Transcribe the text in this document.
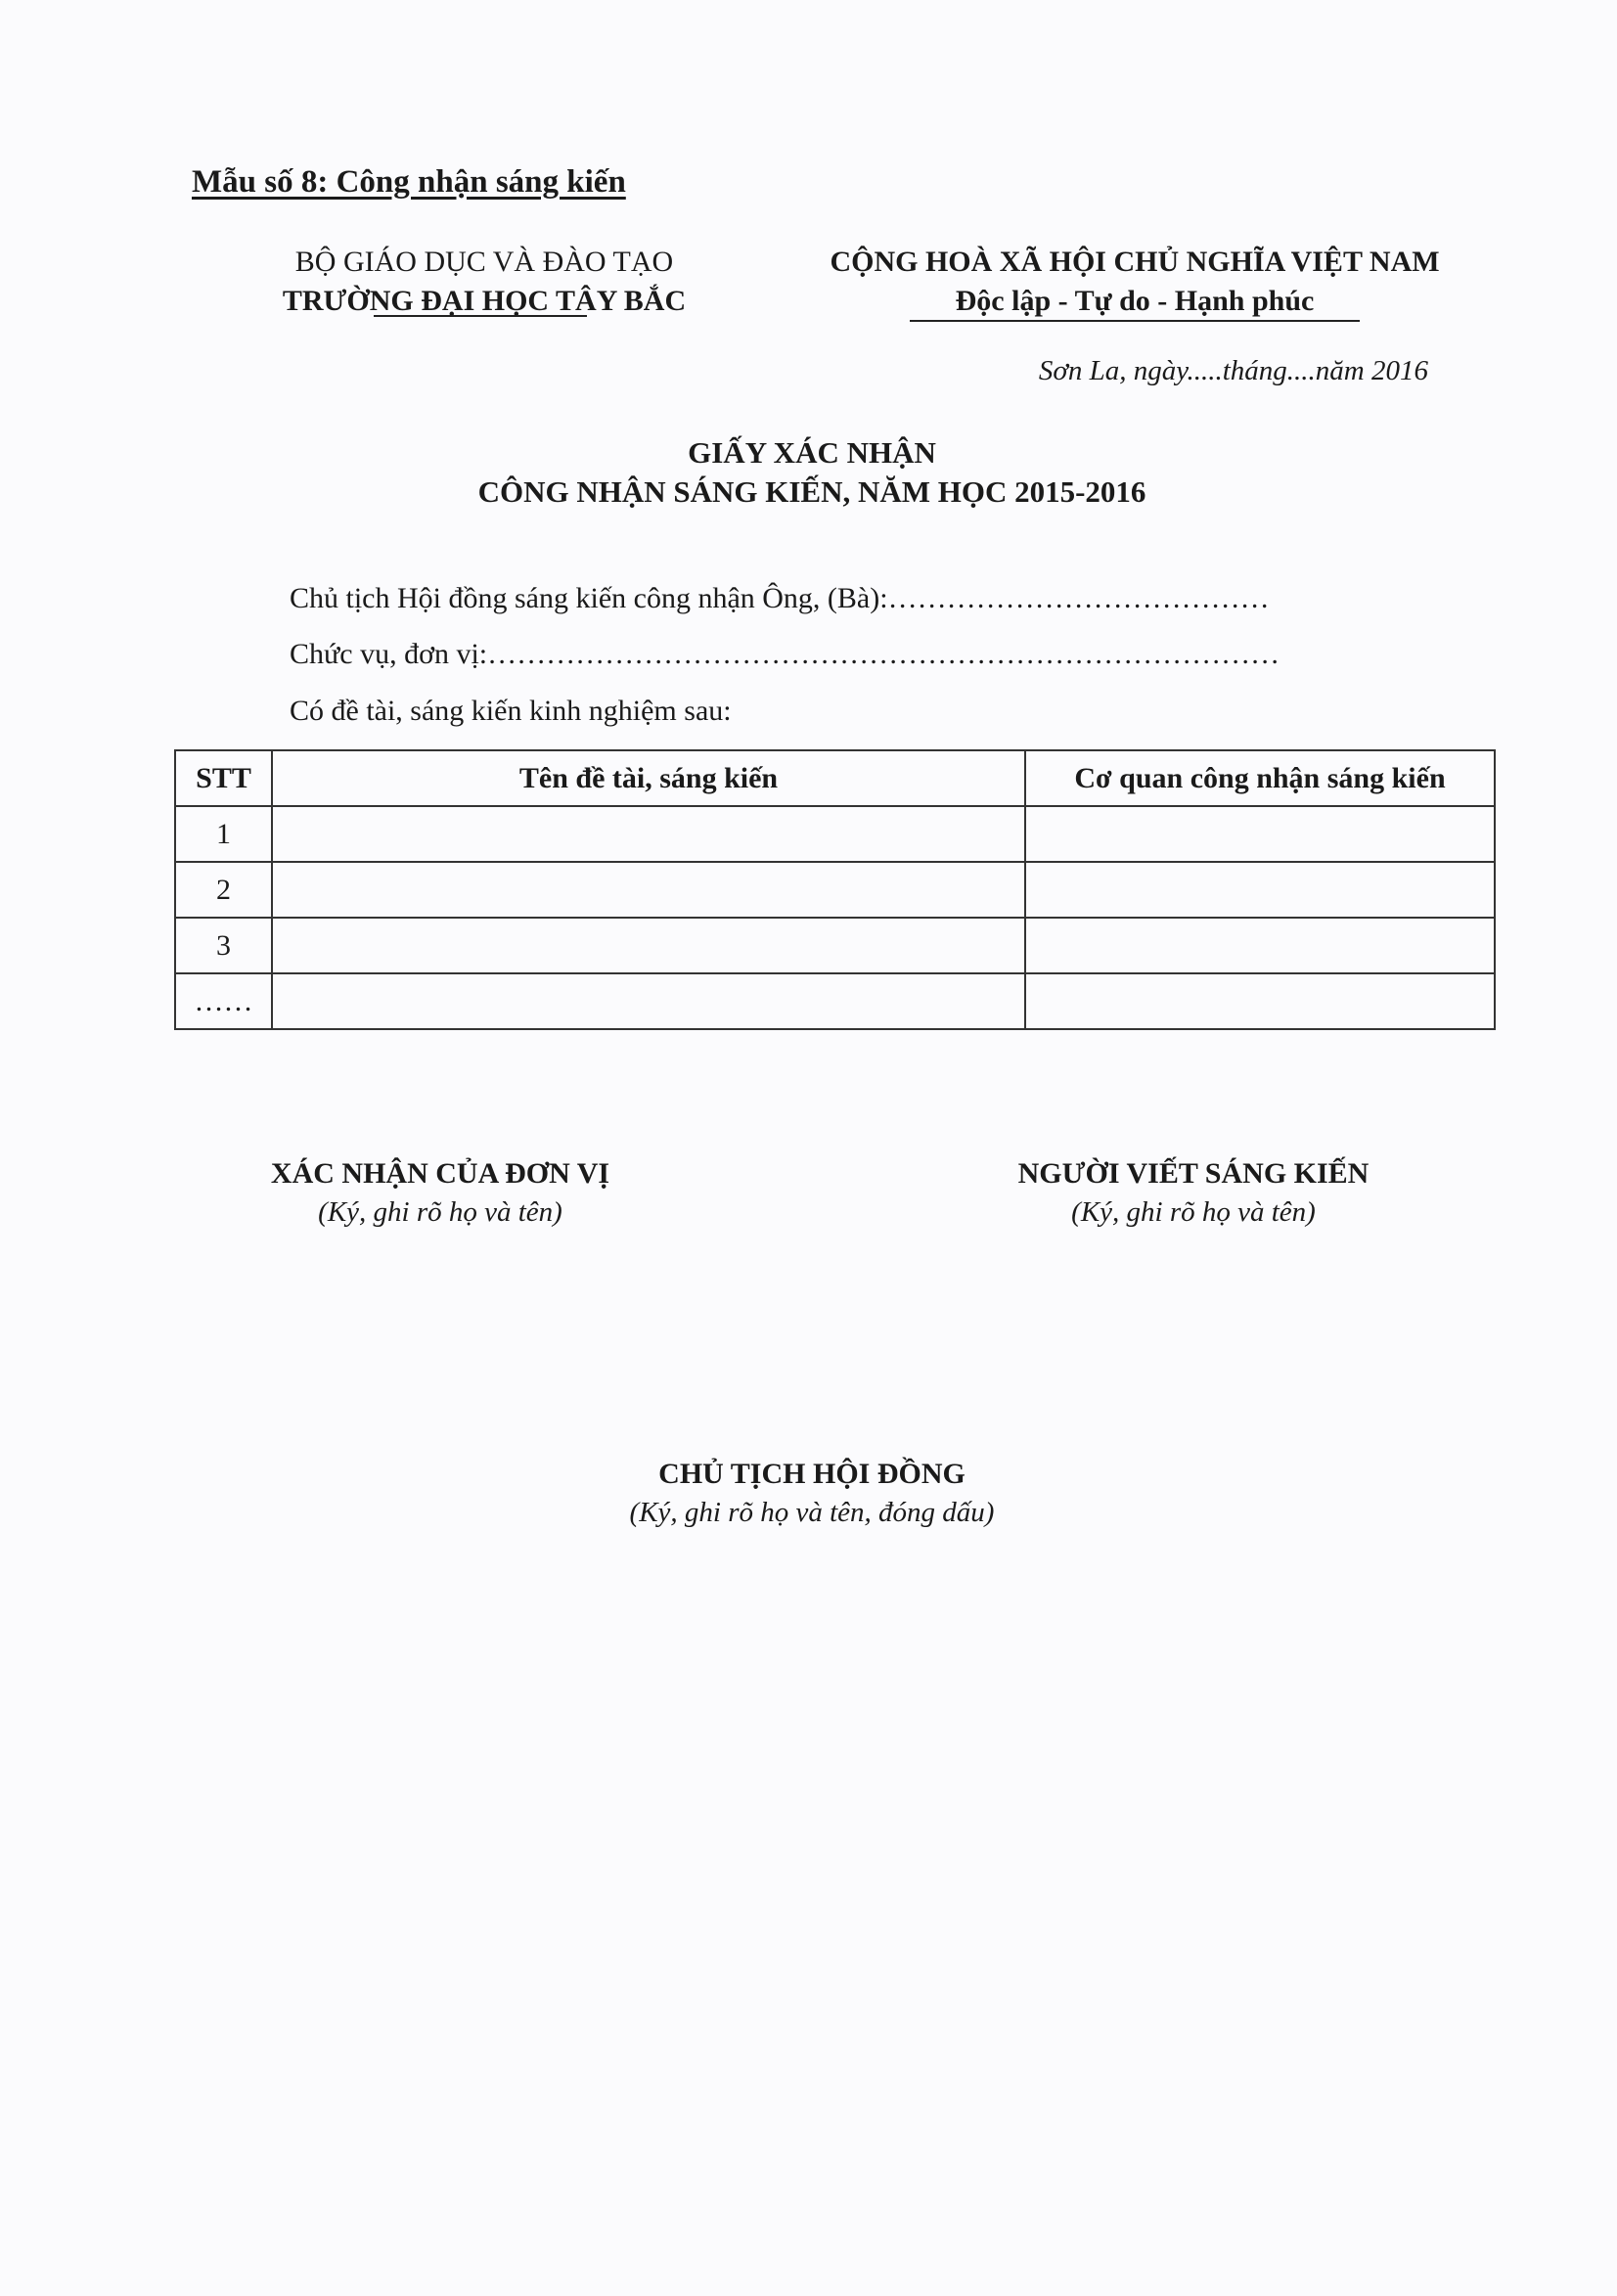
Mẫu số 8: Công nhận sáng kiến
BỘ GIÁO DỤC VÀ ĐÀO TẠO
TRƯỜNG ĐẠI HỌC TÂY BẮC
CỘNG HOÀ XÃ HỘI CHỦ NGHĨA VIỆT NAM
Độc lập - Tự do - Hạnh phúc
Sơn La, ngày.....tháng....năm 2016
GIẤY XÁC NHẬN
CÔNG NHẬN SÁNG KIẾN, NĂM HỌC 2015-2016
Chủ tịch Hội đồng sáng kiến công nhận Ông, (Bà):…………………………………
Chức vụ, đơn vị:………………………………………………………………………
Có đề tài, sáng kiến kinh nghiệm sau:
STT	Tên đề tài, sáng kiến	Cơ quan công nhận sáng kiến
1		
2		
3		
……		
XÁC NHẬN CỦA ĐƠN VỊ
(Ký, ghi rõ họ và tên)
NGƯỜI VIẾT SÁNG KIẾN
(Ký, ghi rõ họ và tên)
CHỦ TỊCH HỘI ĐỒNG
(Ký, ghi rõ họ và tên, đóng dấu)
